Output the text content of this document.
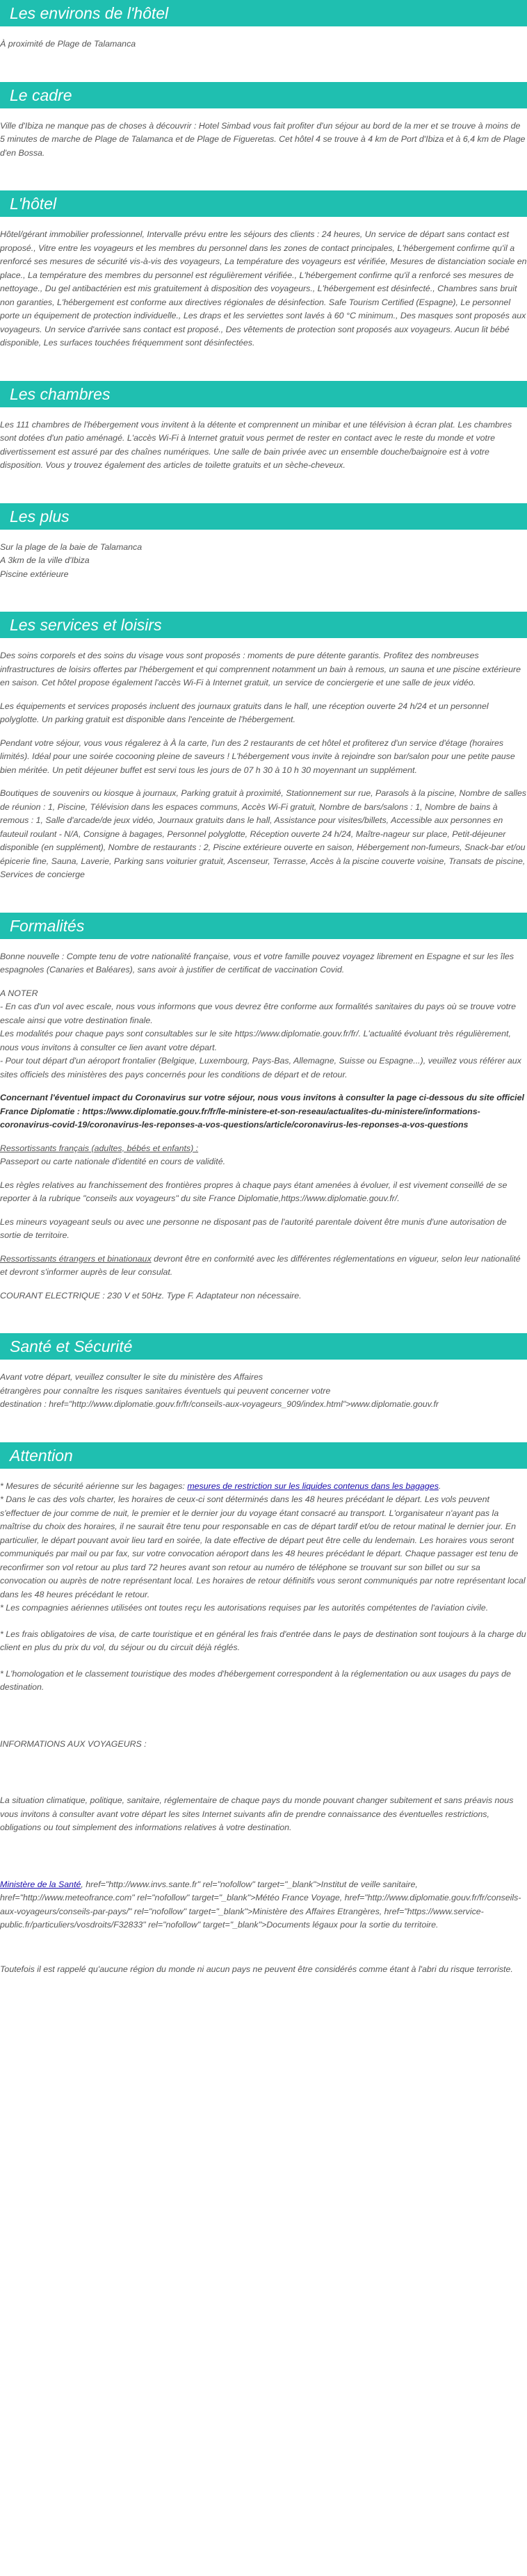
Les environs de l'hôtel
À proximité de Plage de Talamanca
Le cadre
Ville d'Ibiza ne manque pas de choses à découvrir : Hotel Simbad vous fait profiter d'un séjour au bord de la mer et se trouve à moins de 5 minutes de marche de Plage de Talamanca et de Plage de Figueretas. Cet hôtel 4 se trouve à 4 km de Port d'Ibiza et à 6,4 km de Plage d'en Bossa.
L'hôtel
Hôtel/gérant immobilier professionnel, Intervalle prévu entre les séjours des clients : 24 heures, Un service de départ sans contact est proposé., Vitre entre les voyageurs et les membres du personnel dans les zones de contact principales, L'hébergement confirme qu'il a renforcé ses mesures de sécurité vis-à-vis des voyageurs, La température des voyageurs est vérifiée, Mesures de distanciation sociale en place., La température des membres du personnel est régulièrement vérifiée., L'hébergement confirme qu'il a renforcé ses mesures de nettoyage., Du gel antibactérien est mis gratuitement à disposition des voyageurs., L'hébergement est désinfecté., Chambres sans bruit non garanties, L'hébergement est conforme aux directives régionales de désinfection. Safe Tourism Certified (Espagne), Le personnel porte un équipement de protection individuelle., Les draps et les serviettes sont lavés à 60 °C minimum., Des masques sont proposés aux voyageurs. Un service d'arrivée sans contact est proposé., Des vêtements de protection sont proposés aux voyageurs. Aucun lit bébé disponible, Les surfaces touchées fréquemment sont désinfectées.
Les chambres
Les 111 chambres de l'hébergement vous invitent à la détente et comprennent un minibar et une télévision à écran plat. Les chambres sont dotées d'un patio aménagé. L'accès Wi-Fi à Internet gratuit vous permet de rester en contact avec le reste du monde et votre divertissement est assuré par des chaînes numériques. Une salle de bain privée avec un ensemble douche/baignoire est à votre disposition. Vous y trouvez également des articles de toilette gratuits et un sèche-cheveux.
Les plus
Sur la plage de la baie de Talamanca
A 3km de la ville d'Ibiza
Piscine extérieure
Les services et loisirs

Des soins corporels et des soins du visage vous sont proposés : moments de pure détente garantis. Profitez des nombreuses infrastructures de loisirs offertes par l'hébergement et qui comprennent notamment un bain à remous, un sauna et une piscine extérieure en saison. Cet hôtel propose également l'accès Wi-Fi à Internet gratuit, un service de conciergerie et une salle de jeux vidéo.

Les équipements et services proposés incluent des journaux gratuits dans le hall, une réception ouverte 24 h/24 et un personnel polyglotte. Un parking gratuit est disponible dans l'enceinte de l'hébergement.

Pendant votre séjour, vous vous régalerez à À la carte, l'un des 2 restaurants de cet hôtel et profiterez d'un service d'étage (horaires limités). Idéal pour une soirée cocooning pleine de saveurs ! L'hébergement vous invite à rejoindre son bar/salon pour une petite pause bien méritée. Un petit déjeuner buffet est servi tous les jours de 07 h 30 à 10 h 30 moyennant un supplément.

Boutiques de souvenirs ou kiosque à journaux, Parking gratuit à proximité, Stationnement sur rue, Parasols à la piscine, Nombre de salles de réunion : 1, Piscine, Télévision dans les espaces communs, Accès Wi-Fi gratuit, Nombre de bars/salons : 1, Nombre de bains à remous : 1, Salle d'arcade/de jeux vidéo, Journaux gratuits dans le hall, Assistance pour visites/billets, Accessible aux personnes en fauteuil roulant - N/A, Consigne à bagages, Personnel polyglotte, Réception ouverte 24 h/24, Maître-nageur sur place, Petit-déjeuner disponible (en supplément), Nombre de restaurants : 2, Piscine extérieure ouverte en saison, Hébergement non-fumeurs, Snack-bar et/ou épicerie fine, Sauna, Laverie, Parking sans voiturier gratuit, Ascenseur, Terrasse, Accès à la piscine couverte voisine, Transats de piscine, Services de concierge

Formalités

Bonne nouvelle : Compte tenu de votre nationalité française, vous et votre famille pouvez voyagez librement en Espagne et sur les îles espagnoles (Canaries et Baléares), sans avoir à justifier de certificat de vaccination Covid.

A NOTER
- En cas d'un vol avec escale, nous vous informons que vous devrez être conforme aux formalités sanitaires du pays où se trouve votre escale ainsi que votre destination finale.
Les modalités pour chaque pays sont consultables sur le site https://www.diplomatie.gouv.fr/fr/. L'actualité évoluant très régulièrement, nous vous invitons à consulter ce lien avant votre départ.
- Pour tout départ d'un aéroport frontalier (Belgique, Luxembourg, Pays-Bas, Allemagne, Suisse ou Espagne...), veuillez vous référer aux sites officiels des ministères des pays concernés pour les conditions de départ et de retour.

Concernant l'éventuel impact du Coronavirus sur votre séjour, nous vous invitons à consulter la page ci-dessous du site officiel France Diplomatie : https://www.diplomatie.gouv.fr/fr/le-ministere-et-son-reseau/actualites-du-ministere/informations-coronavirus-covid-19/coronavirus-les-reponses-a-vos-questions/article/coronavirus-les-reponses-a-vos-questions

Ressortissants français (adultes, bébés et enfants) :
Passeport ou carte nationale d'identité en cours de validité.

Les règles relatives au franchissement des frontières propres à chaque pays étant amenées à évoluer, il est vivement conseillé de se reporter à la rubrique "conseils aux voyageurs" du site France Diplomatie,https://www.diplomatie.gouv.fr/.

Les mineurs voyageant seuls ou avec une personne ne disposant pas de l'autorité parentale doivent être munis d'une autorisation de sortie de territoire.

Ressortissants étrangers et binationaux devront être en conformité avec les différentes réglementations en vigueur, selon leur nationalité et devront s'informer auprès de leur consulat.

COURANT ELECTRIQUE : 230 V et 50Hz. Type F. Adaptateur non nécessaire.

Santé et Sécurité
Avant votre départ, veuillez consulter le site du ministère des Affaires
étrangères pour connaître les risques sanitaires éventuels qui peuvent concerner votre
destination : href="http://www.diplomatie.gouv.fr/fr/conseils-aux-voyageurs_909/index.html">www.diplomatie.gouv.fr
Attention
* Mesures de sécurité aérienne sur les bagages: mesures de restriction sur les liquides contenus dans les bagages.
* Dans le cas des vols charter, les horaires de ceux-ci sont déterminés dans les 48 heures précédant le départ. Les vols peuvent s'effectuer de jour comme de nuit, le premier et le dernier jour du voyage étant consacré au transport. L'organisateur n'ayant pas la maîtrise du choix des horaires, il ne saurait être tenu pour responsable en cas de départ tardif et/ou de retour matinal le dernier jour. En particulier, le départ pouvant avoir lieu tard en soirée, la date effective de départ peut être celle du lendemain. Les horaires vous seront communiqués par mail ou par fax, sur votre convocation aéroport dans les 48 heures précédant le départ. Chaque passager est tenu de reconfirmer son vol retour au plus tard 72 heures avant son retour au numéro de téléphone se trouvant sur son billet ou sur sa convocation ou auprès de notre représentant local. Les horaires de retour définitifs vous seront communiqués par notre représentant local dans les 48 heures précédant le retour.
* Les compagnies aériennes utilisées ont toutes reçu les autorisations requises par les autorités compétentes de l'aviation civile.
* Les frais obligatoires de visa, de carte touristique et en général les frais d'entrée dans le pays de destination sont toujours à la charge du client en plus du prix du vol, du séjour ou du circuit déjà réglés.
* L'homologation et le classement touristique des modes d'hébergement correspondent à la réglementation ou aux usages du pays de destination.
INFORMATIONS AUX VOYAGEURS :
La situation climatique, politique, sanitaire, réglementaire de chaque pays du monde pouvant changer subitement et sans préavis nous vous invitons à consulter avant votre départ les sites Internet suivants afin de prendre connaissance des éventuelles restrictions, obligations ou tout simplement des informations relatives à votre destination.
Ministère de la Santé, href="http://www.invs.sante.fr" rel="nofollow" target="_blank">Institut de veille sanitaire, href="http://www.meteofrance.com" rel="nofollow" target="_blank">Météo France Voyage, href="http://www.diplomatie.gouv.fr/fr/conseils-aux-voyageurs/conseils-par-pays/" rel="nofollow" target="_blank">Ministère des Affaires Etrangères, href="https://www.service-public.fr/particuliers/vosdroits/F32833" rel="nofollow" target="_blank">Documents légaux pour la sortie du territoire.
Toutefois il est rappelé qu'aucune région du monde ni aucun pays ne peuvent être considérés comme étant à l'abri du risque terroriste.
